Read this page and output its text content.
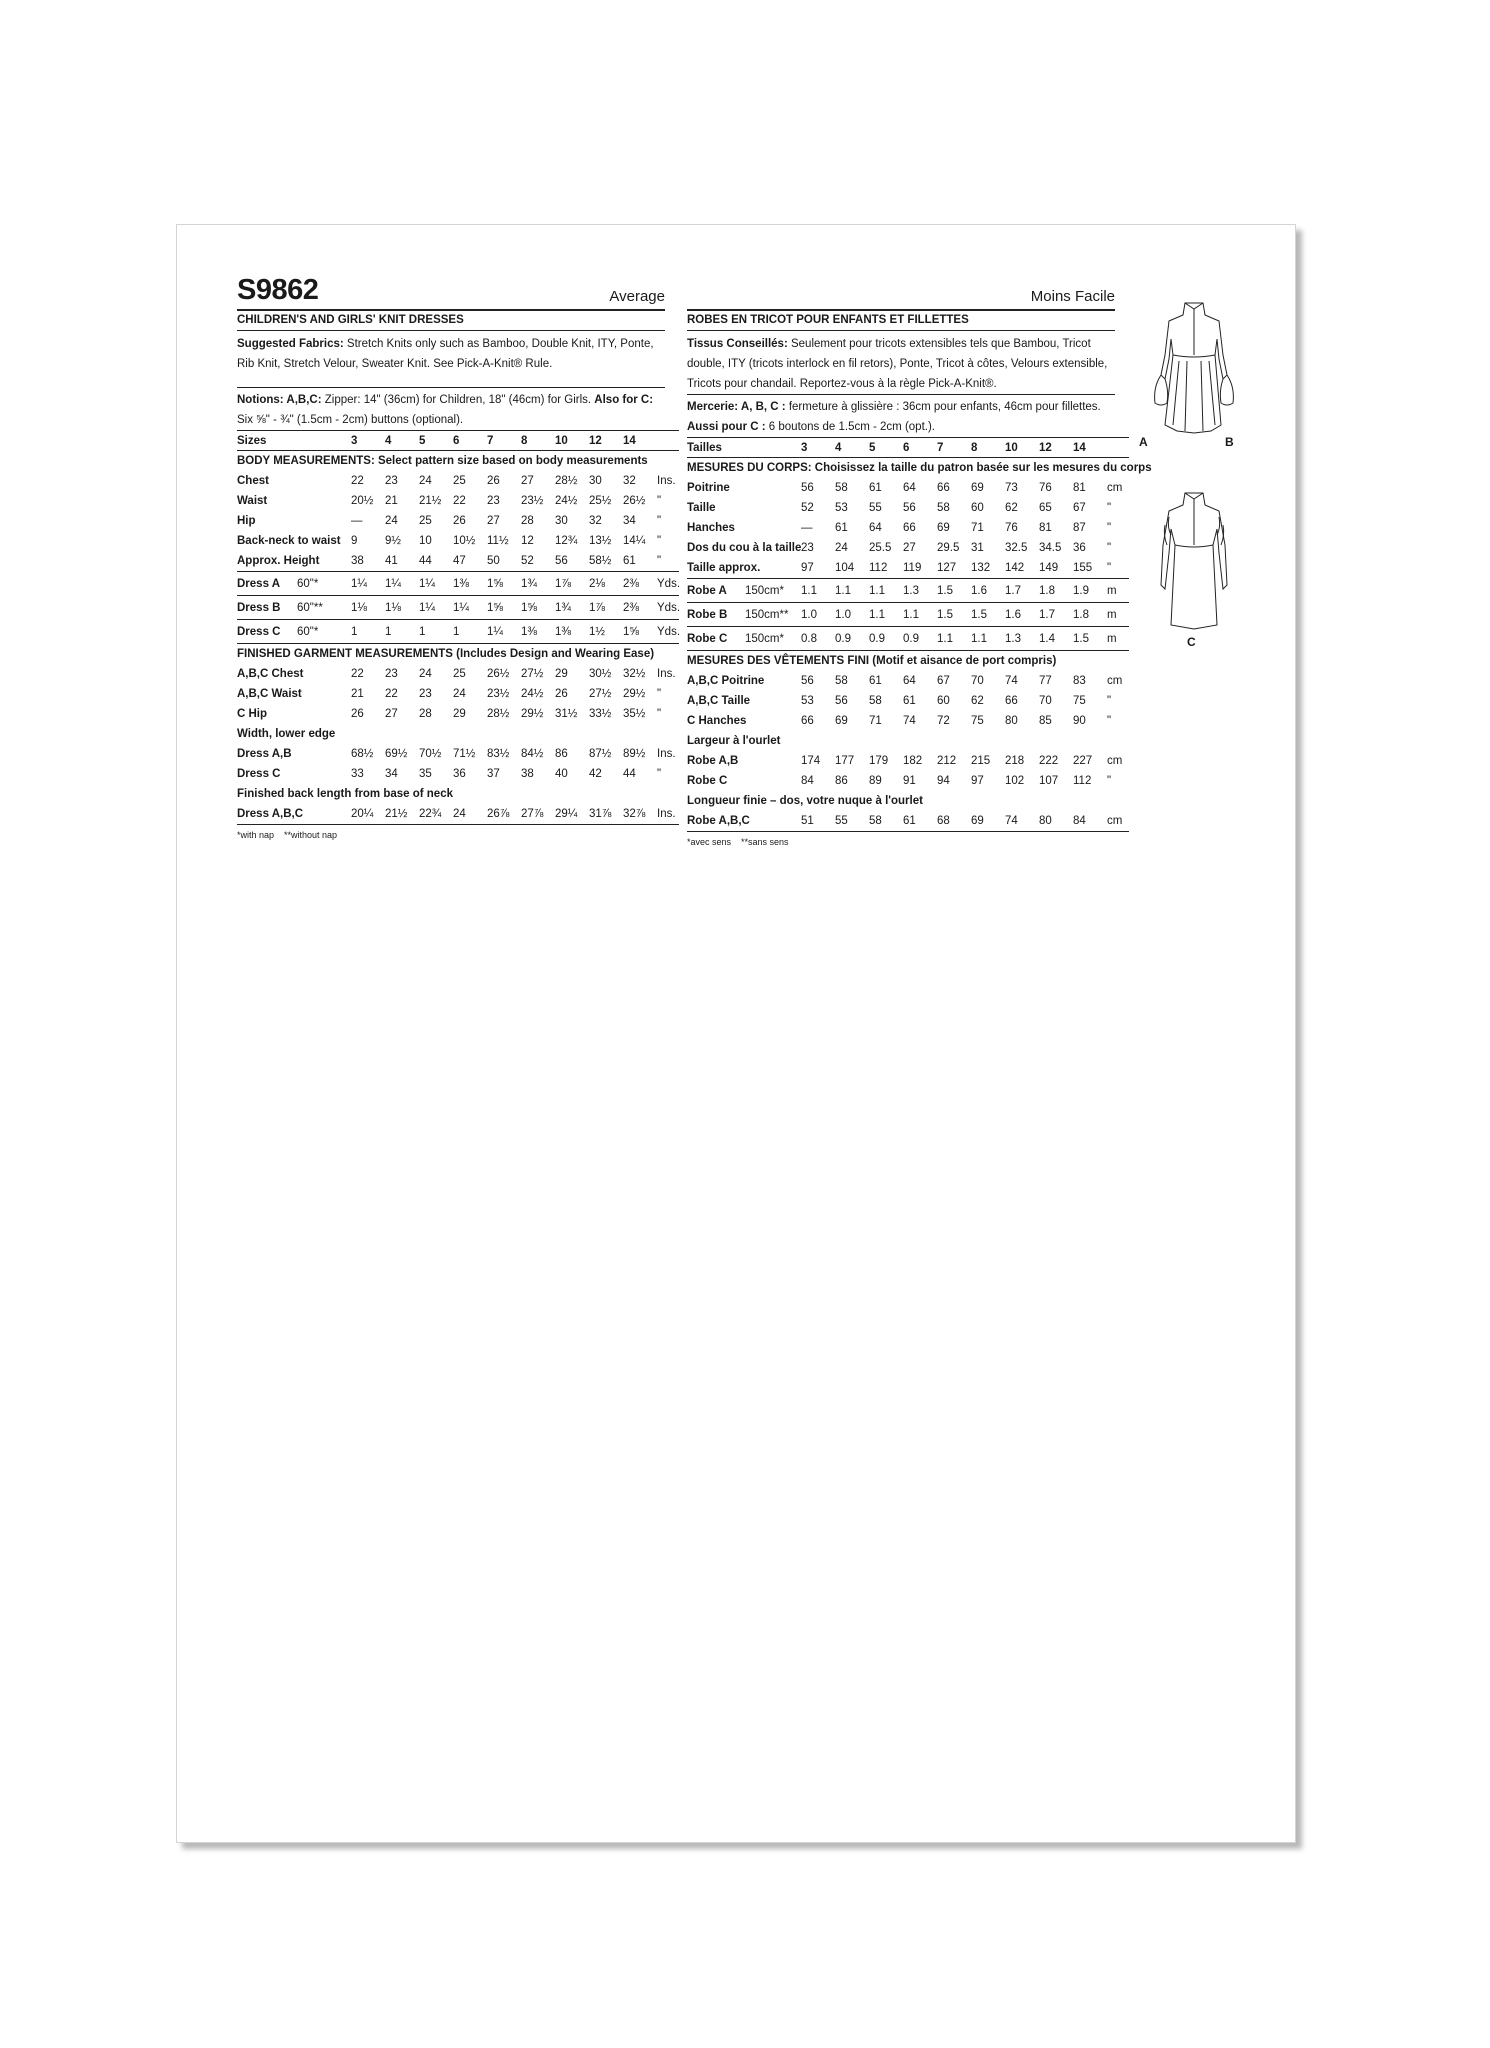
S9862	Average
CHILDREN'S AND GIRLS' KNIT DRESSES
Suggested Fabrics: Stretch Knits only such as Bamboo, Double Knit, ITY, Ponte, Rib Knit, Stretch Velour, Sweater Knit. See Pick-A-Knit® Rule.
Notions: A,B,C: Zipper: 14" (36cm) for Children, 18" (46cm) for Girls. Also for C: Six ⅝" - ¾" (1.5cm - 2cm) buttons (optional).
Sizes		3	4	5	6	7	8	10	12	14	
BODY MEASUREMENTS: Select pattern size based on body measurements											
Chest		22	23	24	25	26	27	28½	30	32	Ins.
Waist		20½	21	21½	22	23	23½	24½	25½	26½	"
Hip		—	24	25	26	27	28	30	32	34	"
Back-neck to waist		9	9½	10	10½	11½	12	12¾	13½	14¼	"
Approx. Height		38	41	44	47	50	52	56	58½	61	"
Dress A	60"*	1¼	1¼	1¼	1⅜	1⅝	1¾	1⅞	2⅛	2⅜	Yds.
Dress B	60"**	1⅛	1⅛	1¼	1¼	1⅝	1⅝	1¾	1⅞	2⅜	Yds.
Dress C	60"*	1	1	1	1	1¼	1⅜	1⅜	1½	1⅝	Yds.
FINISHED GARMENT MEASUREMENTS (Includes Design and Wearing Ease)											
A,B,C Chest		22	23	24	25	26½	27½	29	30½	32½	Ins.
A,B,C Waist		21	22	23	24	23½	24½	26	27½	29½	"
C Hip		26	27	28	29	28½	29½	31½	33½	35½	"
Width, lower edge											
Dress A,B		68½	69½	70½	71½	83½	84½	86	87½	89½	Ins.
Dress C		33	34	35	36	37	38	40	42	44	"
Finished back length from base of neck											
Dress A,B,C		20¼	21½	22¾	24	26⅞	27⅞	29¼	31⅞	32⅞	Ins.
*with nap    **without nap
Moins Facile
ROBES EN TRICOT POUR ENFANTS ET FILLETTES
Tissus Conseillés: Seulement pour tricots extensibles tels que Bambou, Tricot double, ITY (tricots interlock en fil retors), Ponte, Tricot à côtes, Velours extensible, Tricots pour chandail. Reportez-vous à la règle Pick-A-Knit®.
Mercerie: A, B, C : fermeture à glissière : 36cm pour enfants, 46cm pour fillettes.
Aussi pour C : 6 boutons de 1.5cm - 2cm (opt.).
Tailles		3	4	5	6	7	8	10	12	14	
MESURES DU CORPS: Choisissez la taille du patron basée sur les mesures du corps											
Poitrine		56	58	61	64	66	69	73	76	81	cm
Taille		52	53	55	56	58	60	62	65	67	"
Hanches		—	61	64	66	69	71	76	81	87	"
Dos du cou à la taille		23	24	25.5	27	29.5	31	32.5	34.5	36	"
Taille approx.		97	104	112	119	127	132	142	149	155	"
Robe A	150cm*	1.1	1.1	1.1	1.3	1.5	1.6	1.7	1.8	1.9	m
Robe B	150cm**	1.0	1.0	1.1	1.1	1.5	1.5	1.6	1.7	1.8	m
Robe C	150cm*	0.8	0.9	0.9	0.9	1.1	1.1	1.3	1.4	1.5	m
MESURES DES VÊTEMENTS FINI (Motif et aisance de port compris)											
A,B,C Poitrine		56	58	61	64	67	70	74	77	83	cm
A,B,C Taille		53	56	58	61	60	62	66	70	75	"
C Hanches		66	69	71	74	72	75	80	85	90	"
Largeur à l'ourlet											
Robe A,B		174	177	179	182	212	215	218	222	227	cm
Robe C		84	86	89	91	94	97	102	107	112	"
Longueur finie – dos, votre nuque à l'ourlet											
Robe A,B,C		51	55	58	61	68	69	74	80	84	cm
*avec sens    **sans sens
A	B
C
